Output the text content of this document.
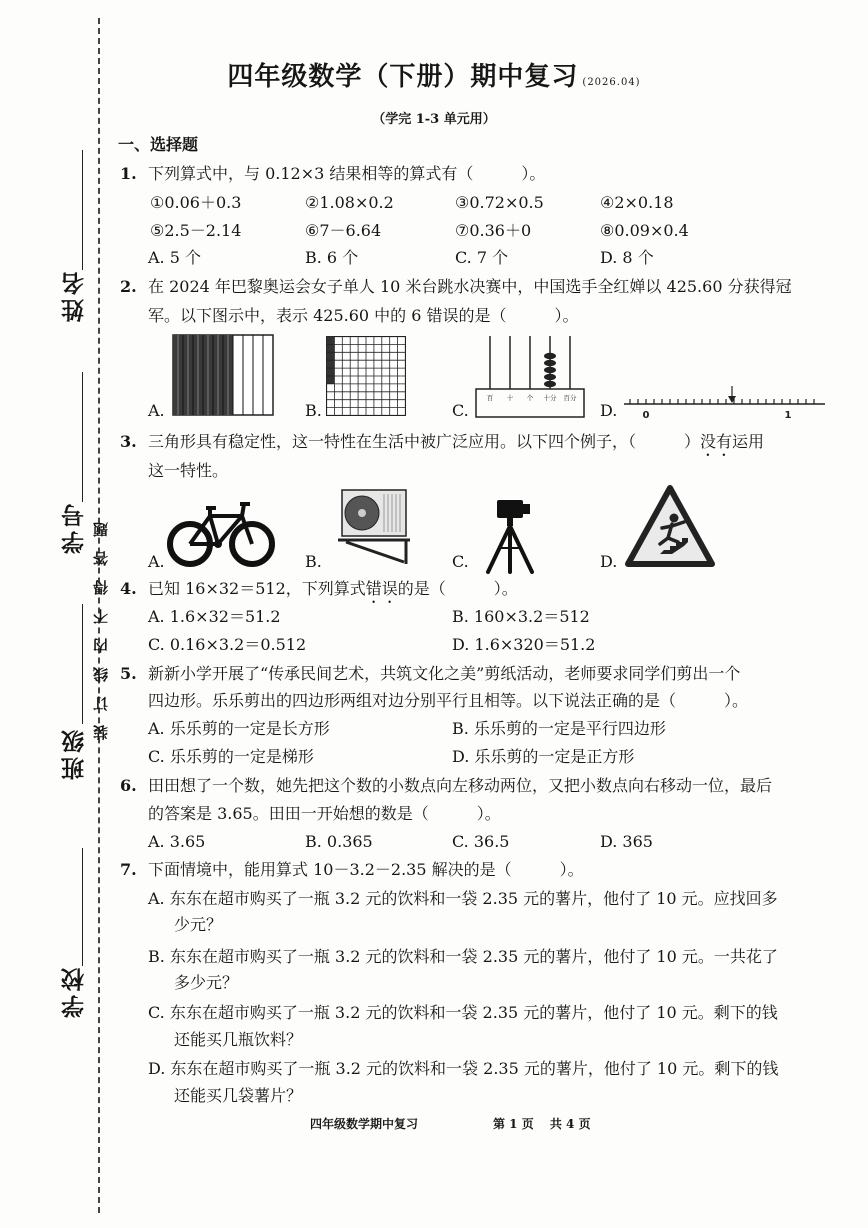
姓名
学号
班级
学校
装订线内不得答题
四年级数学（下册）期中复习 (2026.04)
（学完 1-3 单元用）
一、选择题
1. 下列算式中，与 0.12×3 结果相等的算式有（　　　）。
①0.06＋0.3	②1.08×0.2	③0.72×0.5	④2×0.18
⑤2.5－2.14	⑥7－6.64	⑦0.36＋0	⑧0.09×0.4
A. 5 个	B. 6 个	C. 7 个	D. 8 个
2. 在 2024 年巴黎奥运会女子单人 10 米台跳水决赛中，中国选手全红婵以 425.60 分获得冠
军。以下图示中，表示 425.60 中的 6 错误的是（　　　）。
A.	B.	C.
百 十 个 十分 百分
D.	0	1
3. 三角形具有稳定性，这一特性在生活中被广泛应用。以下四个例子，（　　　）没有运用
这一特性。
A.	B.	C.	D.
4. 已知 16×32＝512，下列算式错误的是（　　　）。
A. 1.6×32＝51.2	B. 160×3.2＝512
C. 0.16×3.2＝0.512	D. 1.6×320＝51.2
5. 新新小学开展了“传承民间艺术，共筑文化之美”剪纸活动，老师要求同学们剪出一个
四边形。乐乐剪出的四边形两组对边分别平行且相等。以下说法正确的是（　　　）。
A. 乐乐剪的一定是长方形	B. 乐乐剪的一定是平行四边形
C. 乐乐剪的一定是梯形	D. 乐乐剪的一定是正方形
6. 田田想了一个数，她先把这个数的小数点向左移动两位，又把小数点向右移动一位，最后
的答案是 3.65。田田一开始想的数是（　　　）。
A. 3.65	B. 0.365	C. 36.5	D. 365
7. 下面情境中，能用算式 10－3.2－2.35 解决的是（　　　）。
A. 东东在超市购买了一瓶 3.2 元的饮料和一袋 2.35 元的薯片，他付了 10 元。应找回多
少元？
B. 东东在超市购买了一瓶 3.2 元的饮料和一袋 2.35 元的薯片，他付了 10 元。一共花了
多少元？
C. 东东在超市购买了一瓶 3.2 元的饮料和一袋 2.35 元的薯片，他付了 10 元。剩下的钱
还能买几瓶饮料？
D. 东东在超市购买了一瓶 3.2 元的饮料和一袋 2.35 元的薯片，他付了 10 元。剩下的钱
还能买几袋薯片？
四年级数学期中复习	第 1 页　 共 4 页
